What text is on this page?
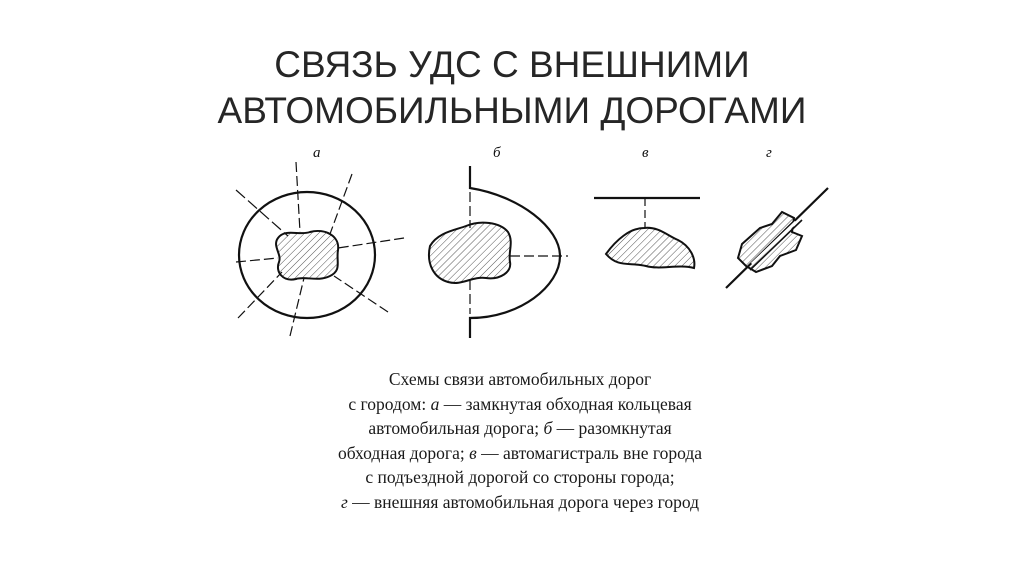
СВЯЗЬ УДС С ВНЕШНИМИ
АВТОМОБИЛЬНЫМИ ДОРОГАМИ
а	б	в	г
Схемы связи автомобильных дорог
с городом: а — замкнутая обходная кольцевая
автомобильная дорога; б — разомкнутая
обходная дорога; в — автомагистраль вне города
с подъездной дорогой со стороны города;
г — внешняя автомобильная дорога через город
